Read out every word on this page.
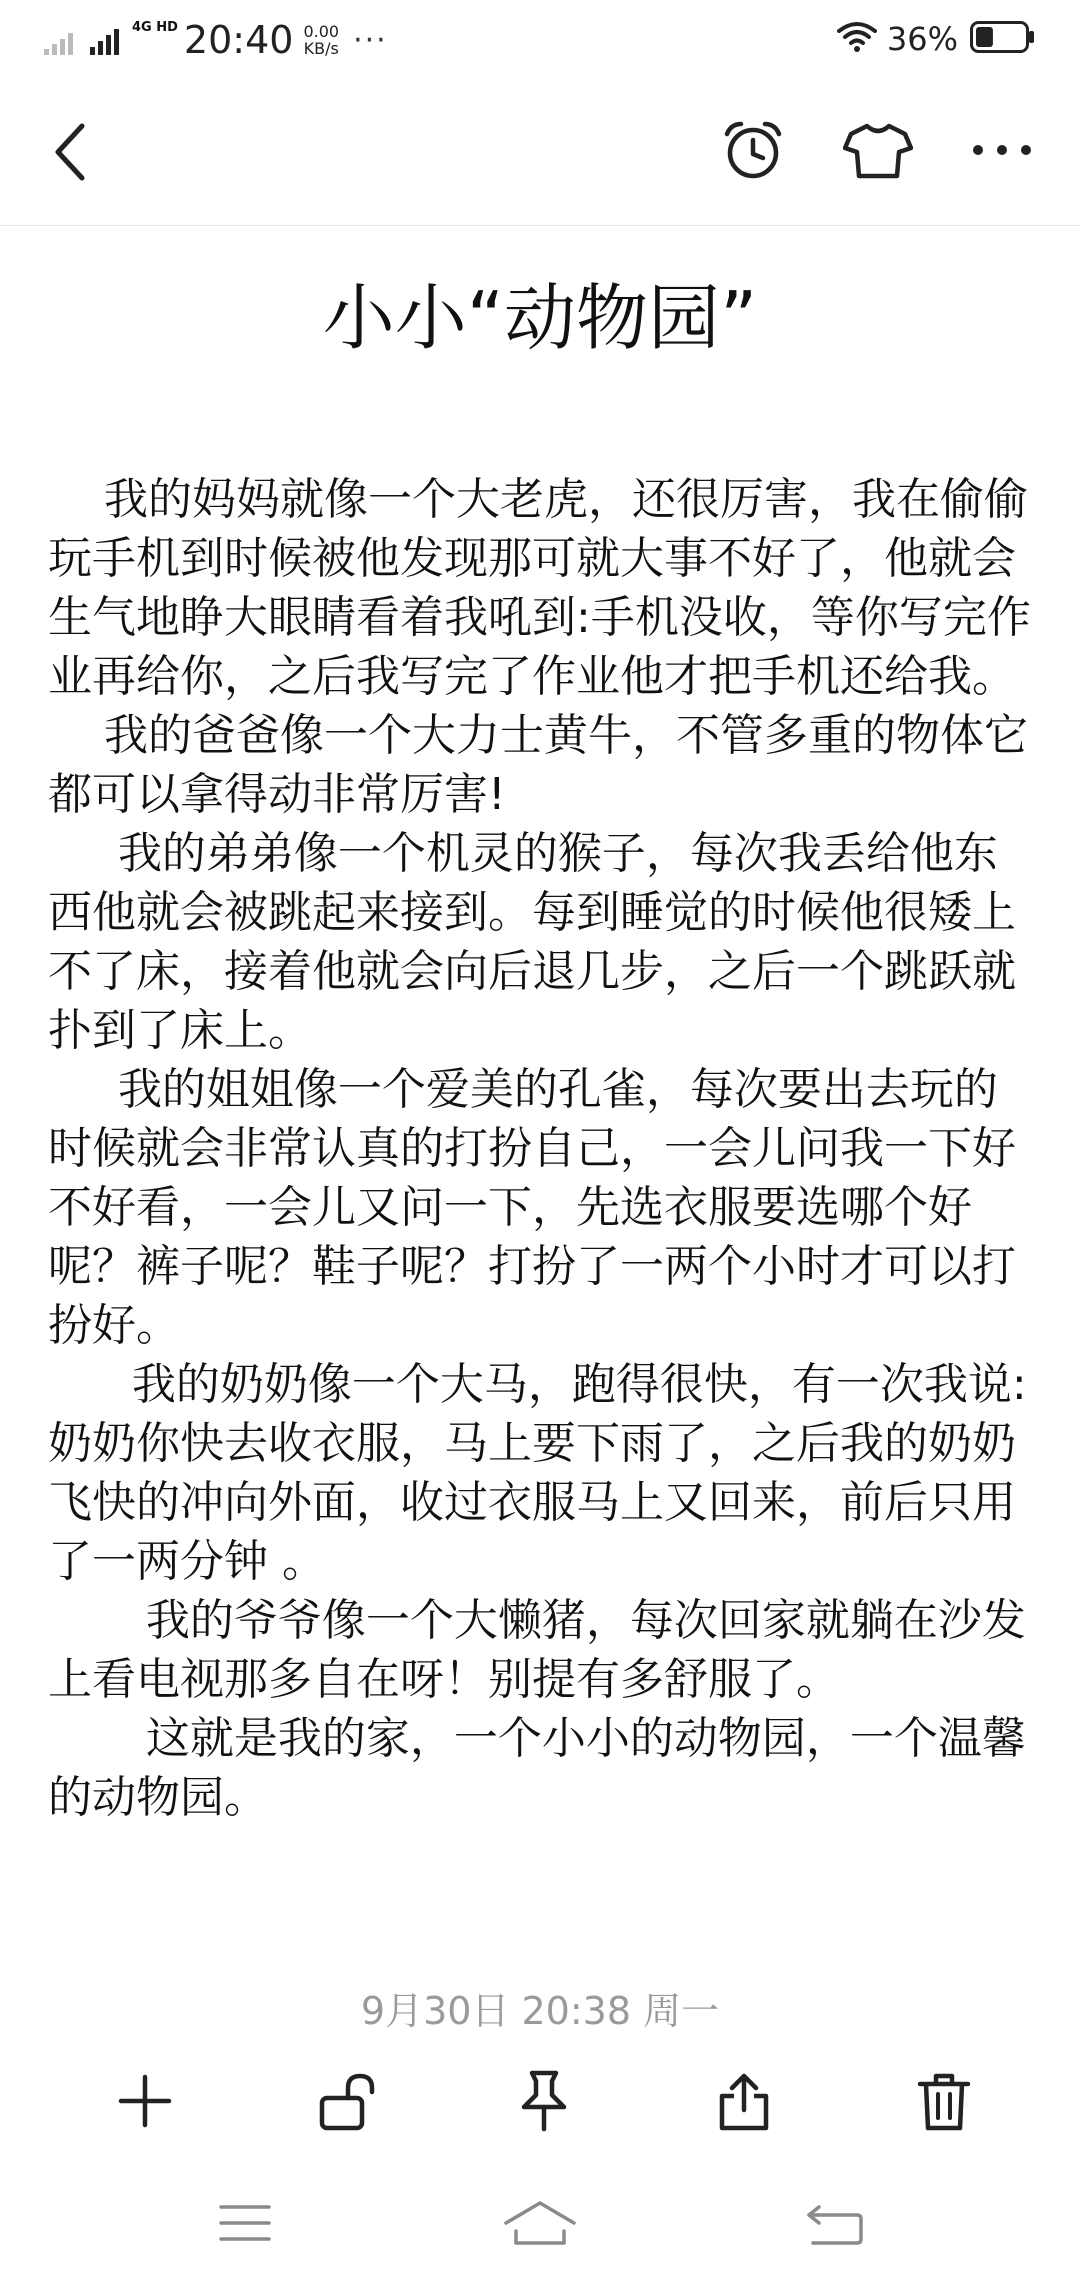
4G HD 20:40 0.00
KB/s ···	36%
小小“动物园”

我的妈妈就像一个大老虎，还很厉害，我在偷偷
玩手机到时候被他发现那可就大事不好了，他就会生气地睁大眼睛看着我吼到:手机没收，等你写完作业再给你，之后我写完了作业他才把手机还给我。

我的爸爸像一个大力士黄牛，不管多重的物体它都可以拿得动非常厉害!

我的弟弟像一个机灵的猴子，每次我丢给他东西他就会被跳起来接到。每到睡觉的时候他很矮上不了床，接着他就会向后退几步，之后一个跳跃就扑到了床上。

我的姐姐像一个爱美的孔雀，每次要出去玩的时候就会非常认真的打扮自己，一会儿问我一下好不好看，一会儿又问一下，先选衣服要选哪个好呢？裤子呢？鞋子呢？打扮了一两个小时才可以打扮好。

我的奶奶像一个大马，跑得很快，有一次我说:奶奶你快去收衣服，马上要下雨了，之后我的奶奶飞快的冲向外面，收过衣服马上又回来，前后只用了一两分钟 。

我的爷爷像一个大懒猪，每次回家就躺在沙发上看电视那多自在呀！别提有多舒服了。

这就是我的家，一个小小的动物园，一个温馨的动物园。

9月30日 20:38 周一
